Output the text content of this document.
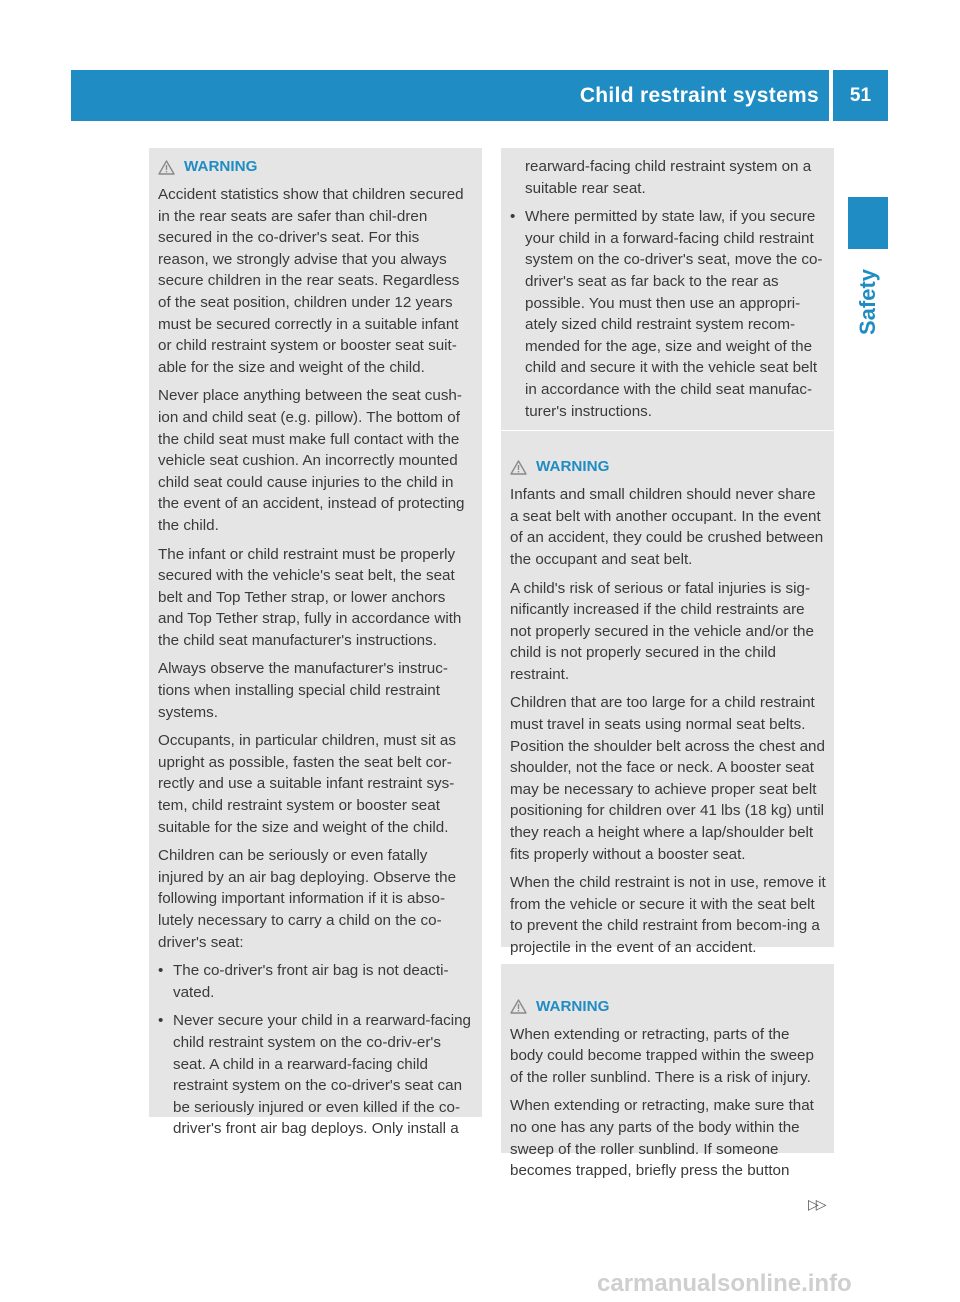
Child restraint systems	51
Safety
WARNING

Accident statistics show that children secured in the rear seats are safer than chil-dren secured in the co-driver's seat. For this reason, we strongly advise that you always secure children in the rear seats. Regardless of the seat position, children under 12 years must be secured correctly in a suitable infant or child restraint system or booster seat suit-able for the size and weight of the child.

Never place anything between the seat cush-ion and child seat (e.g. pillow). The bottom of the child seat must make full contact with the vehicle seat cushion. An incorrectly mounted child seat could cause injuries to the child in the event of an accident, instead of protecting the child.

The infant or child restraint must be properly secured with the vehicle's seat belt, the seat belt and Top Tether strap, or lower anchors and Top Tether strap, fully in accordance with the child seat manufacturer's instructions.

Always observe the manufacturer's instruc-tions when installing special child restraint systems.

Occupants, in particular children, must sit as upright as possible, fasten the seat belt cor-rectly and use a suitable infant restraint sys-tem, child restraint system or booster seat suitable for the size and weight of the child.

Children can be seriously or even fatally injured by an air bag deploying. Observe the following important information if it is abso-lutely necessary to carry a child on the co-driver's seat:

• The co-driver's front air bag is not deacti-vated.
• Never secure your child in a rearward-facing child restraint system on the co-driv-er's seat. A child in a rearward-facing child restraint system on the co-driver's seat can be seriously injured or even killed if the co-driver's front air bag deploys. Only install a
• rearward-facing child restraint system on a suitable rear seat.
• Where permitted by state law, if you secure your child in a forward-facing child restraint system on the co-driver's seat, move the co-driver's seat as far back to the rear as possible. You must then use an appropri-ately sized child restraint system recom-mended for the age, size and weight of the child and secure it with the vehicle seat belt in accordance with the child seat manufac-turer's instructions.
WARNING

Infants and small children should never share a seat belt with another occupant. In the event of an accident, they could be crushed between the occupant and seat belt.

A child's risk of serious or fatal injuries is sig-nificantly increased if the child restraints are not properly secured in the vehicle and/or the child is not properly secured in the child restraint.

Children that are too large for a child restraint must travel in seats using normal seat belts. Position the shoulder belt across the chest and shoulder, not the face or neck. A booster seat may be necessary to achieve proper seat belt positioning for children over 41 lbs (18 kg) until they reach a height where a lap/shoulder belt fits properly without a booster seat.

When the child restraint is not in use, remove it from the vehicle or secure it with the seat belt to prevent the child restraint from becom-ing a projectile in the event of an accident.

WARNING

When extending or retracting, parts of the body could become trapped within the sweep of the roller sunblind. There is a risk of injury.

When extending or retracting, make sure that no one has any parts of the body within the sweep of the roller sunblind. If someone becomes trapped, briefly press the button

▷▷
carmanualsonline.info
